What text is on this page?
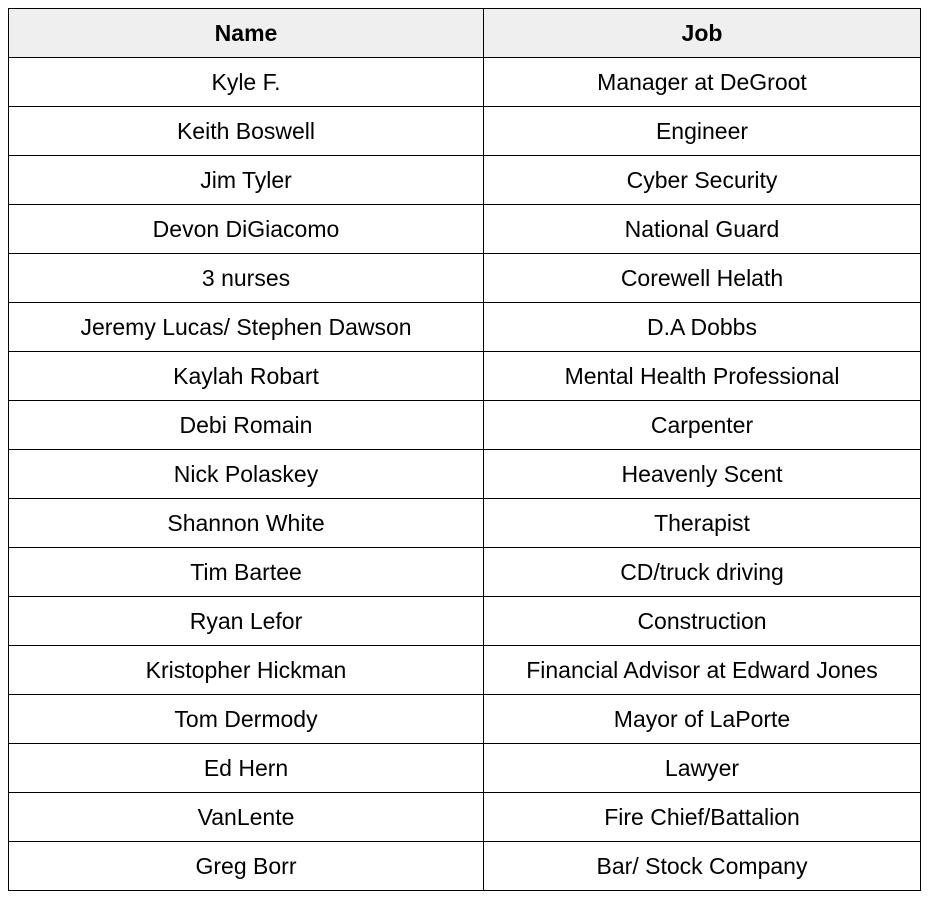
Name	Job
Kyle F.	Manager at DeGroot
Keith Boswell	Engineer
Jim Tyler	Cyber Security
Devon DiGiacomo	National Guard
3 nurses	Corewell Helath
Jeremy Lucas/ Stephen Dawson	D.A Dobbs
Kaylah Robart	Mental Health Professional
Debi Romain	Carpenter
Nick Polaskey	Heavenly Scent
Shannon White	Therapist
Tim Bartee	CD/truck driving
Ryan Lefor	Construction
Kristopher Hickman	Financial Advisor at Edward Jones
Tom Dermody	Mayor of LaPorte
Ed Hern	Lawyer
VanLente	Fire Chief/Battalion
Greg Borr	Bar/ Stock Company
